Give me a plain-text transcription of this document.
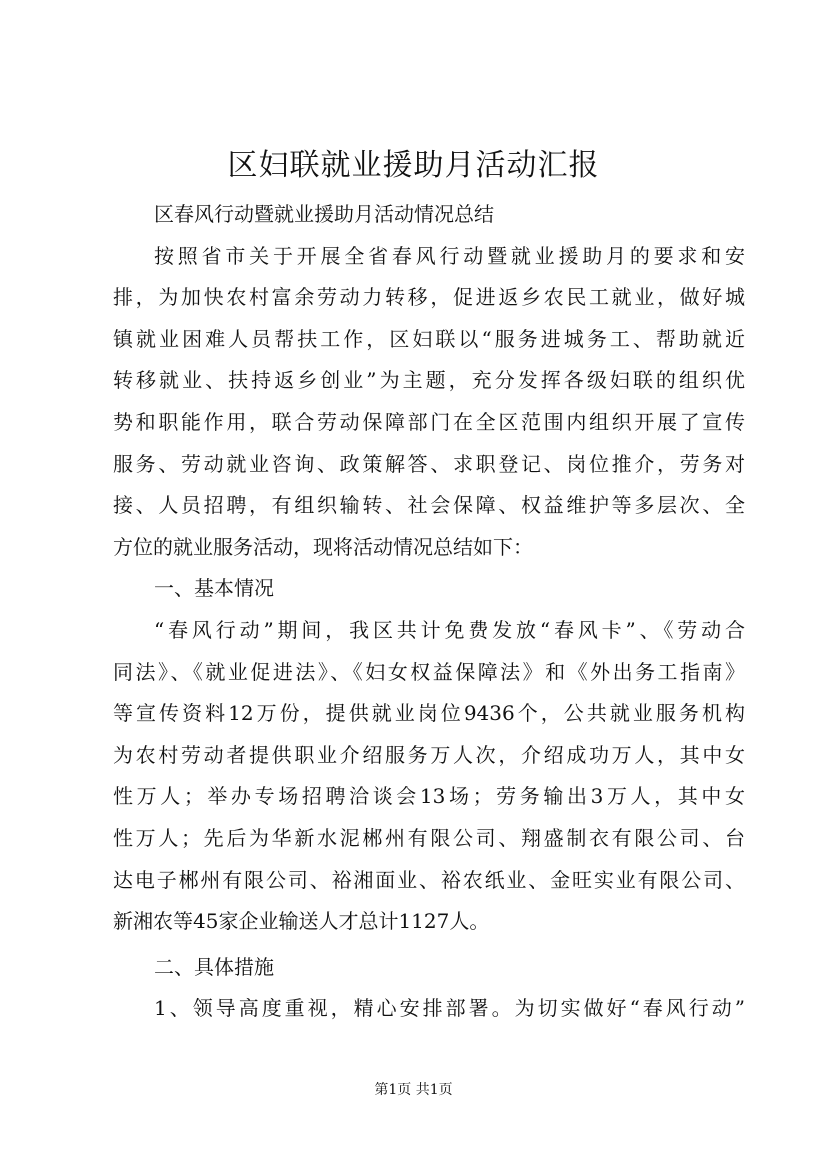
区妇联就业援助月活动汇报

区春风行动暨就业援助月活动情况总结

按照省市关于开展全省春风行动暨就业援助月的要求和安

排，为加快农村富余劳动力转移，促进返乡农民工就业，做好城

镇就业困难人员帮扶工作，区妇联以“服务进城务工、帮助就近

转移就业、扶持返乡创业”为主题，充分发挥各级妇联的组织优

势和职能作用，联合劳动保障部门在全区范围内组织开展了宣传

服务、劳动就业咨询、政策解答、求职登记、岗位推介，劳务对

接、人员招聘，有组织输转、社会保障、权益维护等多层次、全

方位的就业服务活动，现将活动情况总结如下：

一、基本情况

“春风行动”期间，我区共计免费发放“春风卡”、《劳动合

同法》、《就业促进法》、《妇女权益保障法》和《外出务工指南》

等宣传资料12万份，提供就业岗位9436个，公共就业服务机构

为农村劳动者提供职业介绍服务万人次，介绍成功万人，其中女

性万人；举办专场招聘洽谈会13场；劳务输出3万人，其中女

性万人；先后为华新水泥郴州有限公司、翔盛制衣有限公司、台

达电子郴州有限公司、裕湘面业、裕农纸业、金旺实业有限公司、

新湘农等45家企业输送人才总计1127人。

二、具体措施

1、领导高度重视，精心安排部署。为切实做好“春风行动”

第1页 共1页
